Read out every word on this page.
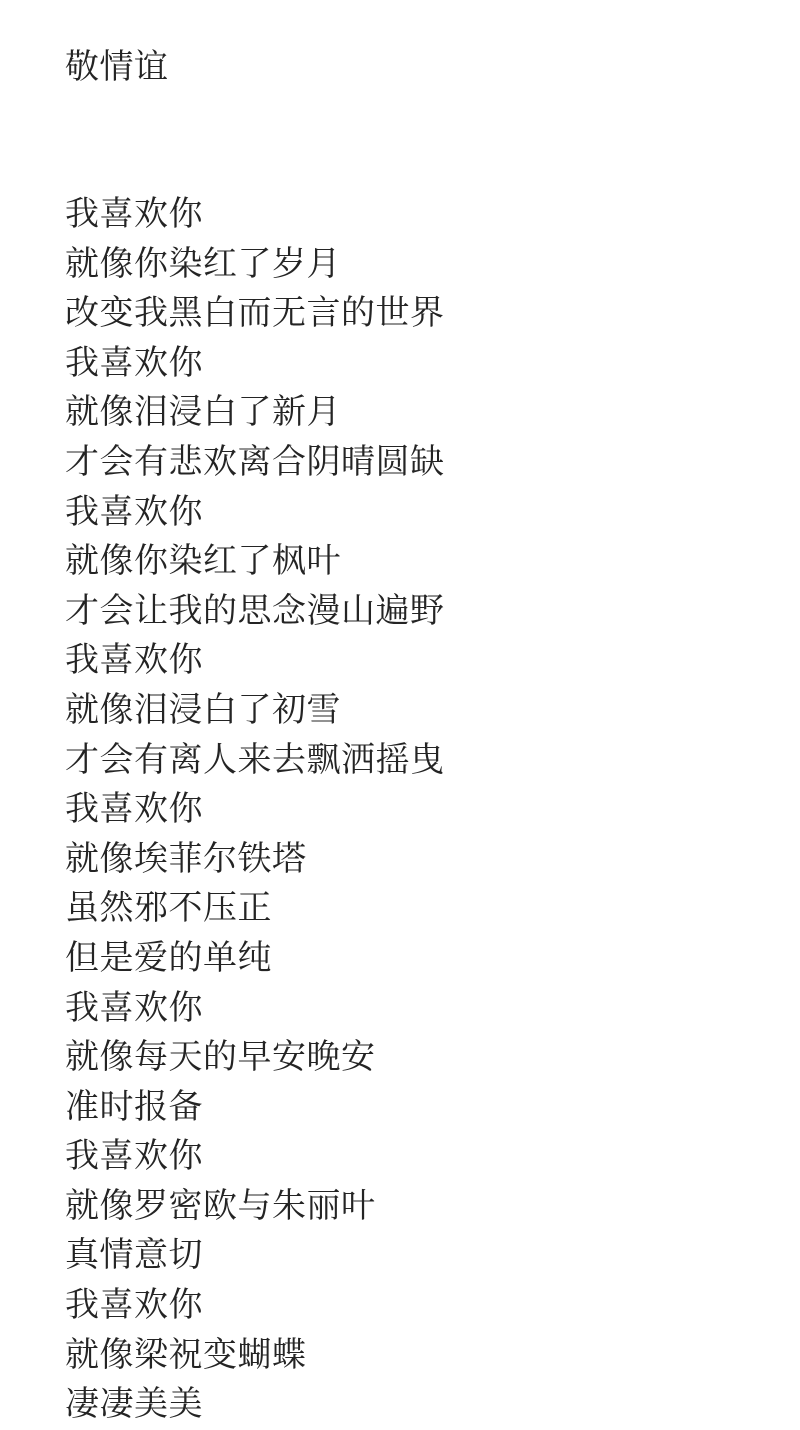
敬情谊

我喜欢你

就像你染红了岁月

改变我黑白而无言的世界

我喜欢你

就像泪浸白了新月

才会有悲欢离合阴晴圆缺

我喜欢你

就像你染红了枫叶

才会让我的思念漫山遍野

我喜欢你

就像泪浸白了初雪

才会有离人来去飘洒摇曳

我喜欢你

就像埃菲尔铁塔

虽然邪不压正

但是爱的单纯

我喜欢你

就像每天的早安晚安

准时报备

我喜欢你

就像罗密欧与朱丽叶

真情意切

我喜欢你

就像梁祝变蝴蝶

凄凄美美
